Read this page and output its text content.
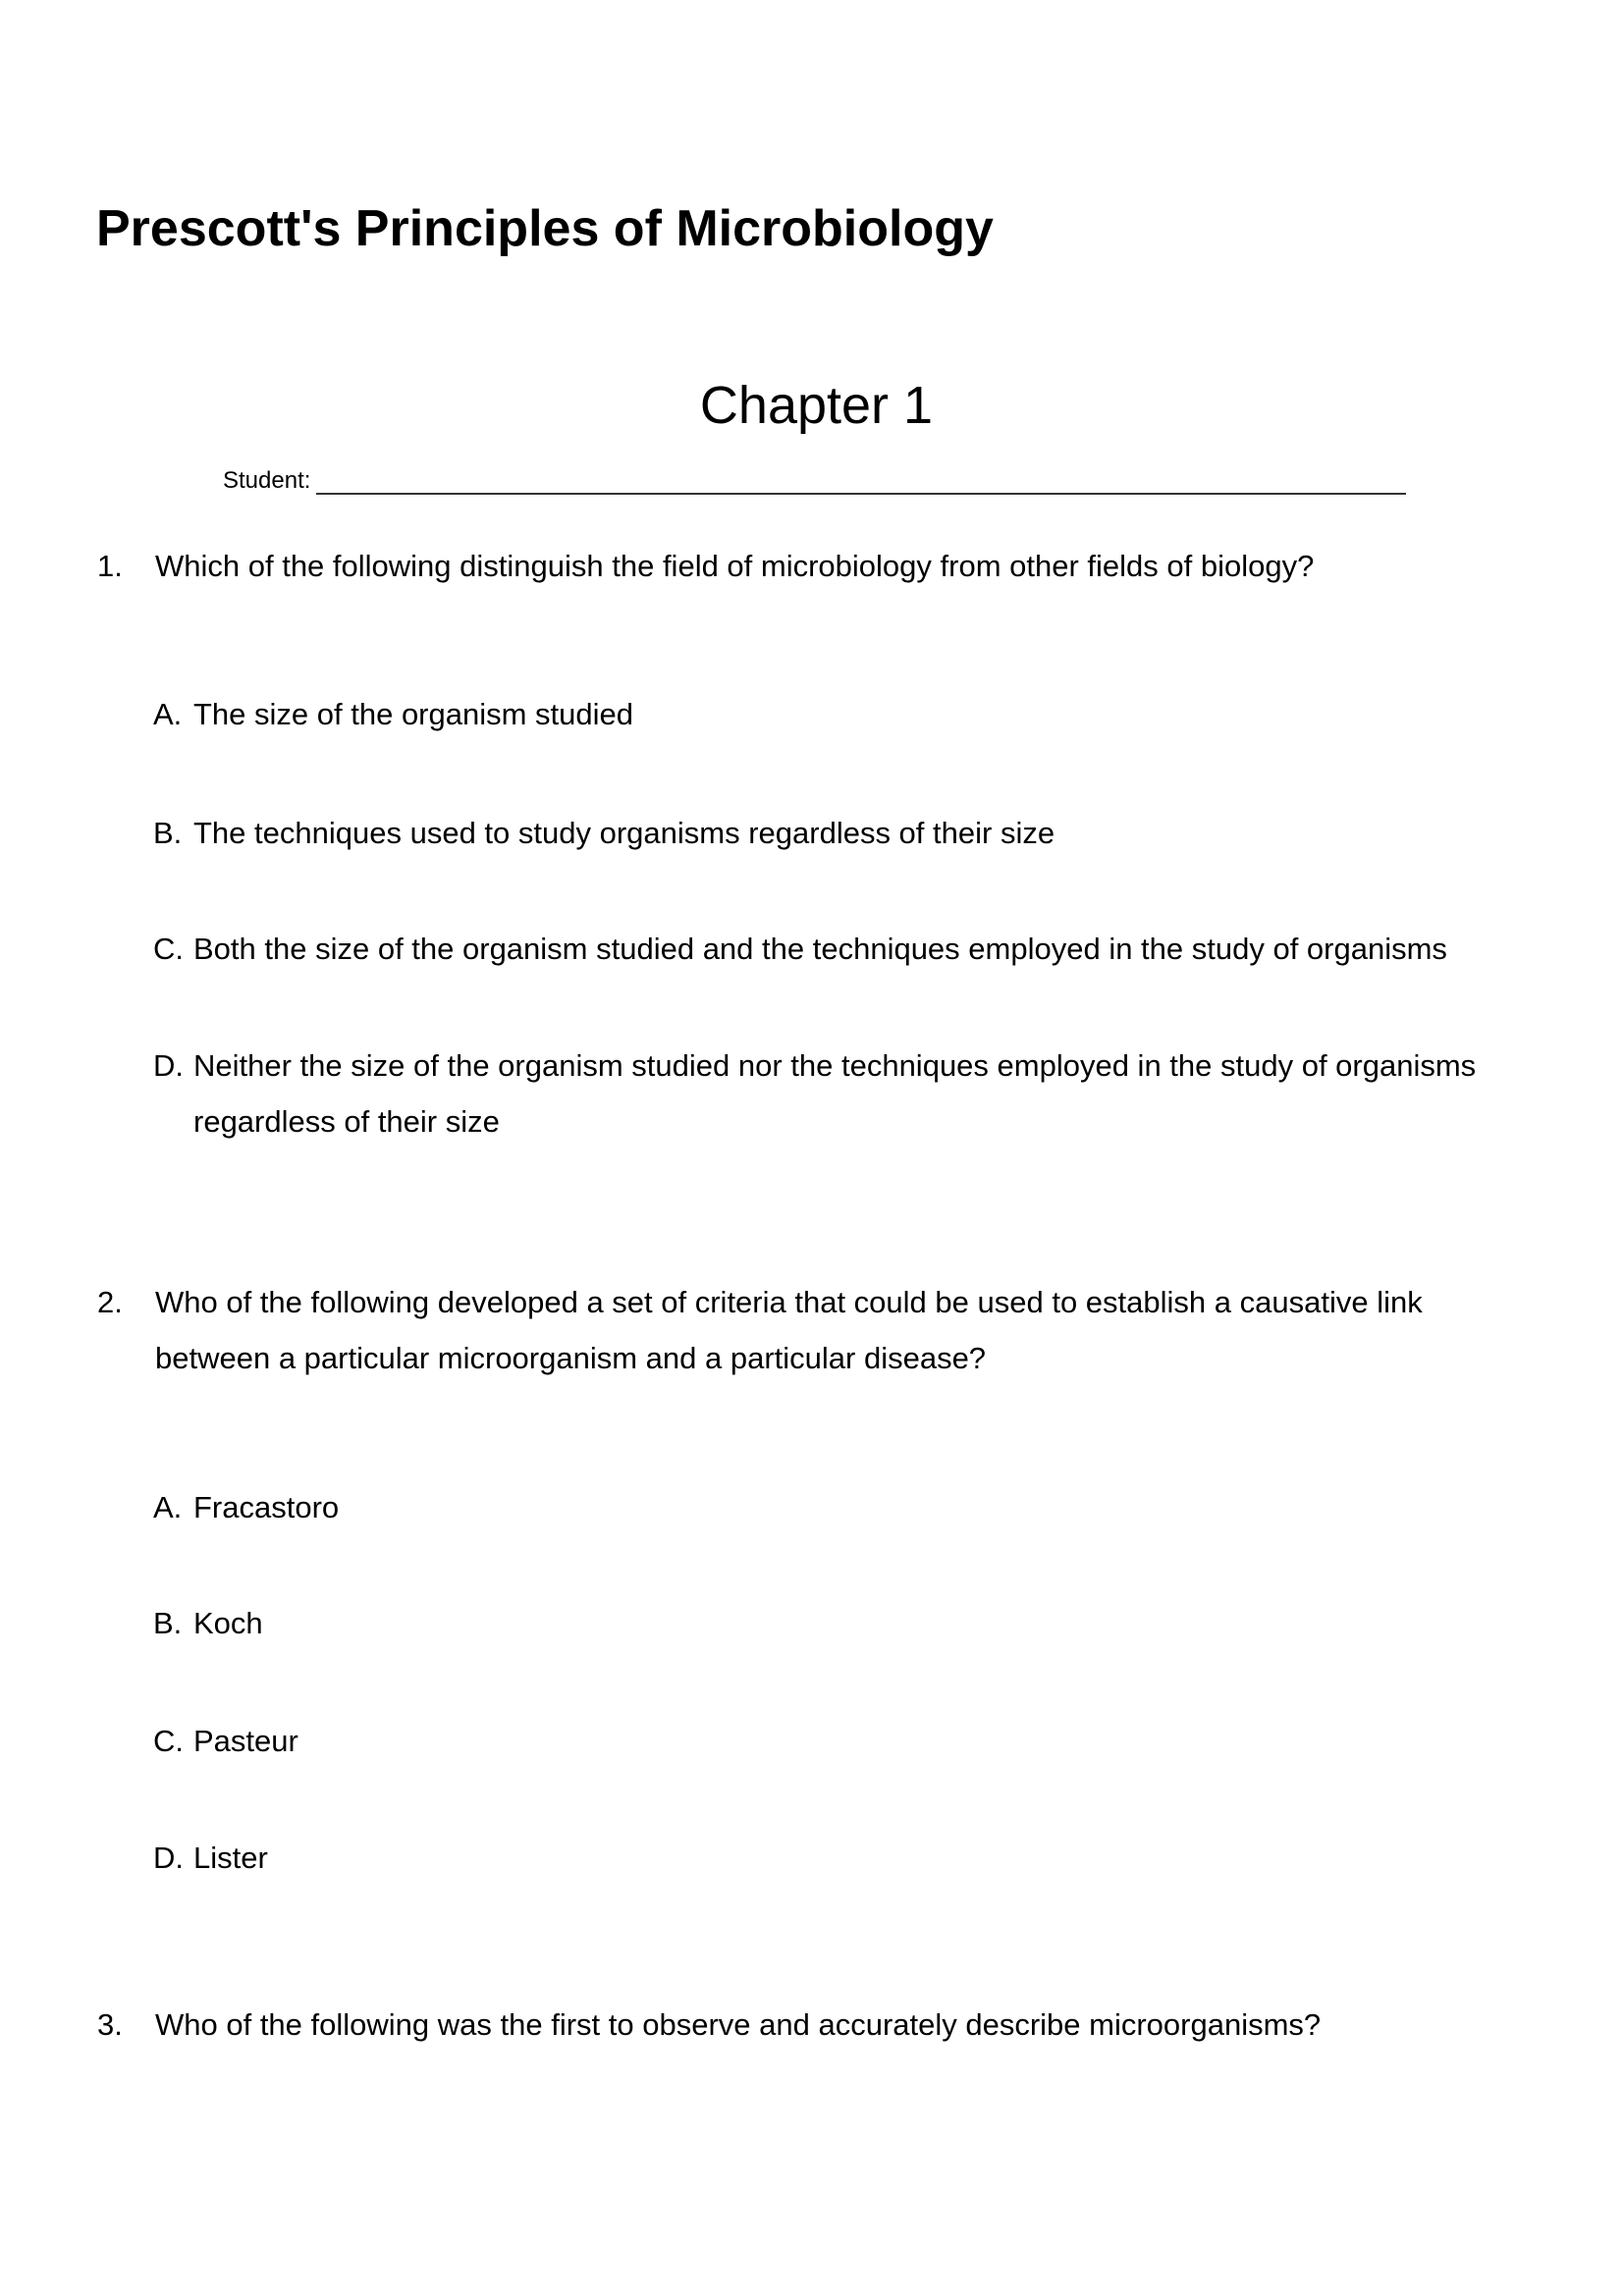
Prescott's Principles of Microbiology
Chapter 1
Student:
1. Which of the following distinguish the field of microbiology from other fields of biology?
A. The size of the organism studied
B. The techniques used to study organisms regardless of their size
C. Both the size of the organism studied and the techniques employed in the study of organisms
D. Neither the size of the organism studied nor the techniques employed in the study of organisms regardless of their size
2. Who of the following developed a set of criteria that could be used to establish a causative link between a particular microorganism and a particular disease?
A. Fracastoro
B. Koch
C. Pasteur
D. Lister
3. Who of the following was the first to observe and accurately describe microorganisms?
